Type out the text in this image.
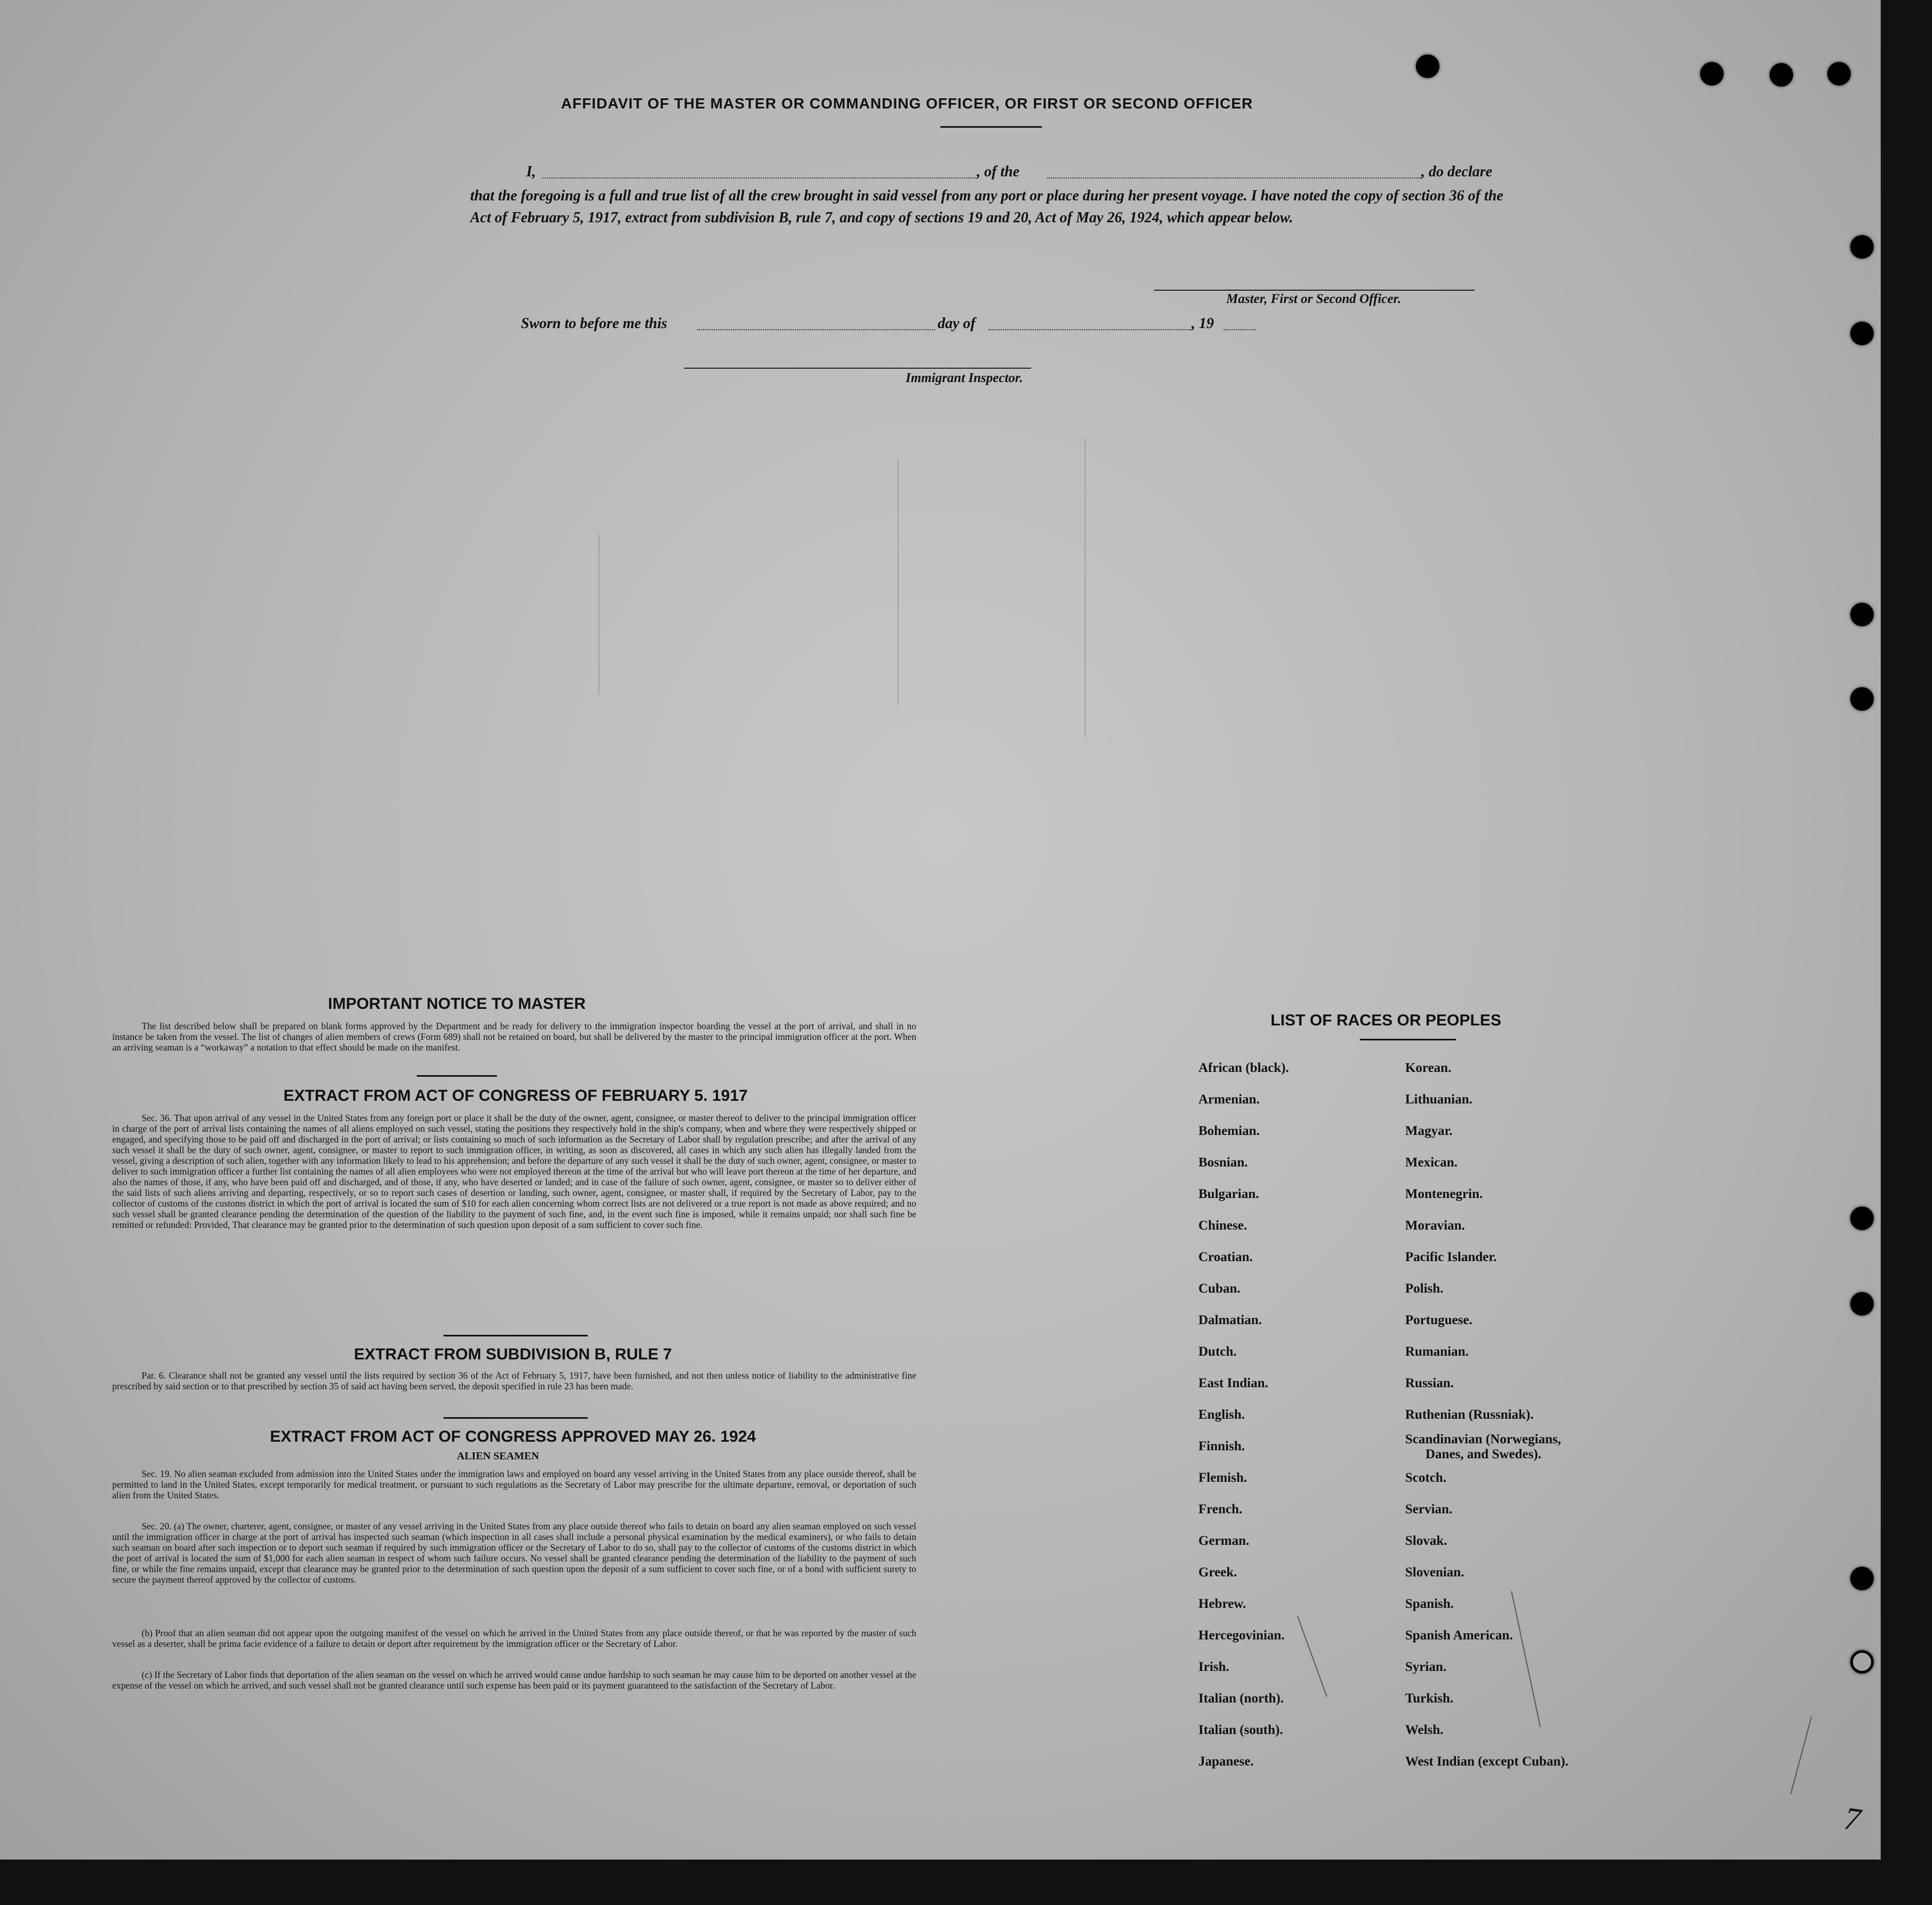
AFFIDAVIT OF THE MASTER OR COMMANDING OFFICER, OR FIRST OR SECOND OFFICER
I,	, of the	, do declare
that the foregoing is a full and true list of all the crew brought in said vessel from any port or place during her present voyage. I have noted the copy of section 36 of the Act of February 5, 1917, extract from subdivision B, rule 7, and copy of sections 19 and 20, Act of May 26, 1924, which appear below.
Master, First or Second Officer.
Sworn to before me this	day of	, 19
Immigrant Inspector.
IMPORTANT NOTICE TO MASTER
The list described below shall be prepared on blank forms approved by the Department and be ready for delivery to the immigration inspector boarding the vessel at the port of arrival, and shall in no instance be taken from the vessel. The list of changes of alien members of crews (Form 689) shall not be retained on board, but shall be delivered by the master to the principal immigration officer at the port. When an arriving seaman is a “workaway” a notation to that effect should be made on the manifest.
EXTRACT FROM ACT OF CONGRESS OF FEBRUARY 5. 1917
Sec. 36. That upon arrival of any vessel in the United States from any foreign port or place it shall be the duty of the owner, agent, consignee, or master thereof to deliver to the principal immigration officer in charge of the port of arrival lists containing the names of all aliens employed on such vessel, stating the positions they respectively hold in the ship's company, when and where they were respectively shipped or engaged, and specifying those to be paid off and discharged in the port of arrival; or lists containing so much of such information as the Secretary of Labor shall by regulation prescribe; and after the arrival of any such vessel it shall be the duty of such owner, agent, consignee, or master to report to such immigration officer, in writing, as soon as discovered, all cases in which any such alien has illegally landed from the vessel, giving a description of such alien, together with any information likely to lead to his apprehension; and before the departure of any such vessel it shall be the duty of such owner, agent, consignee, or master to deliver to such immigration officer a further list containing the names of all alien employees who were not employed thereon at the time of the arrival but who will leave port thereon at the time of her departure, and also the names of those, if any, who have been paid off and discharged, and of those, if any, who have deserted or landed; and in case of the failure of such owner, agent, consignee, or master so to deliver either of the said lists of such aliens arriving and departing, respectively, or so to report such cases of desertion or landing, such owner, agent, consignee, or master shall, if required by the Secretary of Labor, pay to the collector of customs of the customs district in which the port of arrival is located the sum of $10 for each alien concerning whom correct lists are not delivered or a true report is not made as above required; and no such vessel shall be granted clearance pending the determination of the question of the liability to the payment of such fine, and, in the event such fine is imposed, while it remains unpaid; nor shall such fine be remitted or refunded: Provided, That clearance may be granted prior to the determination of such question upon deposit of a sum sufficient to cover such fine.
EXTRACT FROM SUBDIVISION B, RULE 7
Par. 6. Clearance shall not be granted any vessel until the lists required by section 36 of the Act of February 5, 1917, have been furnished, and not then unless notice of liability to the administrative fine prescribed by said section or to that prescribed by section 35 of said act having been served, the deposit specified in rule 23 has been made.
EXTRACT FROM ACT OF CONGRESS APPROVED MAY 26. 1924
ALIEN SEAMEN
Sec. 19. No alien seaman excluded from admission into the United States under the immigration laws and employed on board any vessel arriving in the United States from any place outside thereof, shall be permitted to land in the United States, except temporarily for medical treatment, or pursuant to such regulations as the Secretary of Labor may prescribe for the ultimate departure, removal, or deportation of such alien from the United States.
Sec. 20. (a) The owner, charterer, agent, consignee, or master of any vessel arriving in the United States from any place outside thereof who fails to detain on board any alien seaman employed on such vessel until the immigration officer in charge at the port of arrival has inspected such seaman (which inspection in all cases shall include a personal physical examination by the medical examiners), or who fails to detain such seaman on board after such inspection or to deport such seaman if required by such immigration officer or the Secretary of Labor to do so, shall pay to the collector of customs of the customs district in which the port of arrival is located the sum of $1,000 for each alien seaman in respect of whom such failure occurs. No vessel shall be granted clearance pending the determination of the liability to the payment of such fine, or while the fine remains unpaid, except that clearance may be granted prior to the determination of such question upon the deposit of a sum sufficient to cover such fine, or of a bond with sufficient surety to secure the payment thereof approved by the collector of customs.
(b) Proof that an alien seaman did not appear upon the outgoing manifest of the vessel on which he arrived in the United States from any place outside thereof, or that he was reported by the master of such vessel as a deserter, shall be prima facie evidence of a failure to detain or deport after requirement by the immigration officer or the Secretary of Labor.
(c) If the Secretary of Labor finds that deportation of the alien seaman on the vessel on which he arrived would cause undue hardship to such seaman he may cause him to be deported on another vessel at the expense of the vessel on which he arrived, and such vessel shall not be granted clearance until such expense has been paid or its payment guaranteed to the satisfaction of the Secretary of Labor.
LIST OF RACES OR PEOPLES
7
African (black).
Armenian.
Bohemian.
Bosnian.
Bulgarian.
Chinese.
Croatian.
Cuban.
Dalmatian.
Dutch.
East Indian.
English.
Finnish.
Flemish.
French.
German.
Greek.
Hebrew.
Hercegovinian.
Irish.
Italian (north).
Italian (south).
Japanese.
Korean.
Lithuanian.
Magyar.
Mexican.
Montenegrin.
Moravian.
Pacific Islander.
Polish.
Portuguese.
Rumanian.
Russian.
Ruthenian (Russniak).
Scandinavian (Norwegians,
Danes, and Swedes).
Scotch.
Servian.
Slovak.
Slovenian.
Spanish.
Spanish American.
Syrian.
Turkish.
Welsh.
West Indian (except Cuban).
